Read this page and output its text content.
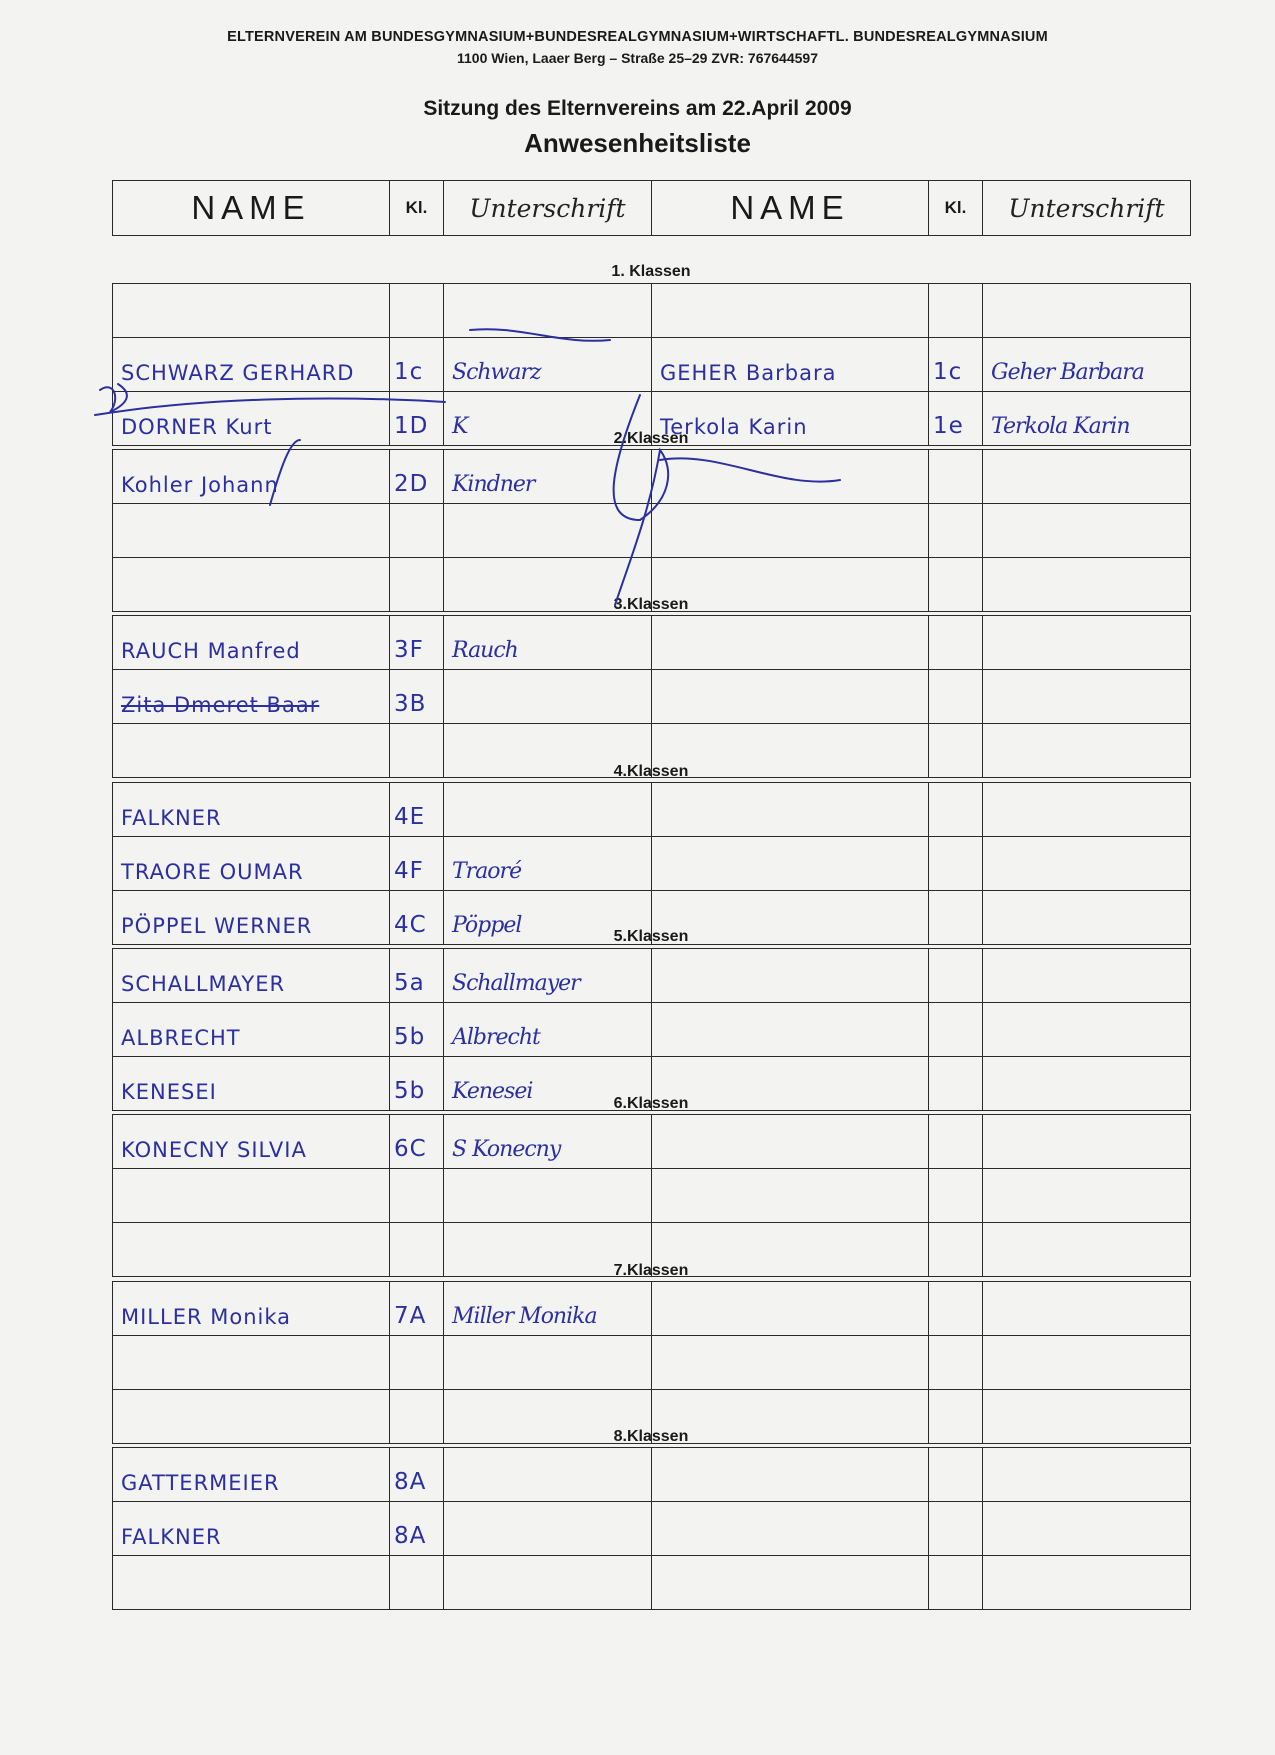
ELTERNVEREIN AM BUNDESGYMNASIUM+BUNDESREALGYMNASIUM+WIRTSCHAFTL. BUNDESREALGYMNASIUM
1100 Wien, Laaer Berg – Straße 25–29 ZVR: 767644597
Sitzung des Elternvereins am 22.April 2009
Anwesenheitsliste
NAME	Kl.	Unterschrift	NAME	Kl.	Unterschrift
1. Klassen

SCHWARZ GERHARD	1c	Schwarz	GEHER Barbara	1c	Geher Barbara
DORNER Kurt	1D	K	Terkola Karin	1e	Terkola Karin
2.Klassen
Kohler Johann	2D	Kindner			

3.Klassen
RAUCH Manfred	3F	Rauch			
Zita Dmeret Baar	3B				

4.Klassen
FALKNER	4E				
TRAORE OUMAR	4F	Traoré			
PÖPPEL WERNER	4C	Pöppel				5.Klassen
SCHALLMAYER	5a	Schallmayer			
ALBRECHT	5b	Albrecht			
KENESEI	5b	Kenesei				6.Klassen
KONECNY SILVIA	6C	S Konecny			

7.Klassen
MILLER Monika	7A	Miller Monika			

8.Klassen
GATTERMEIER	8A				
FALKNER	8A				
